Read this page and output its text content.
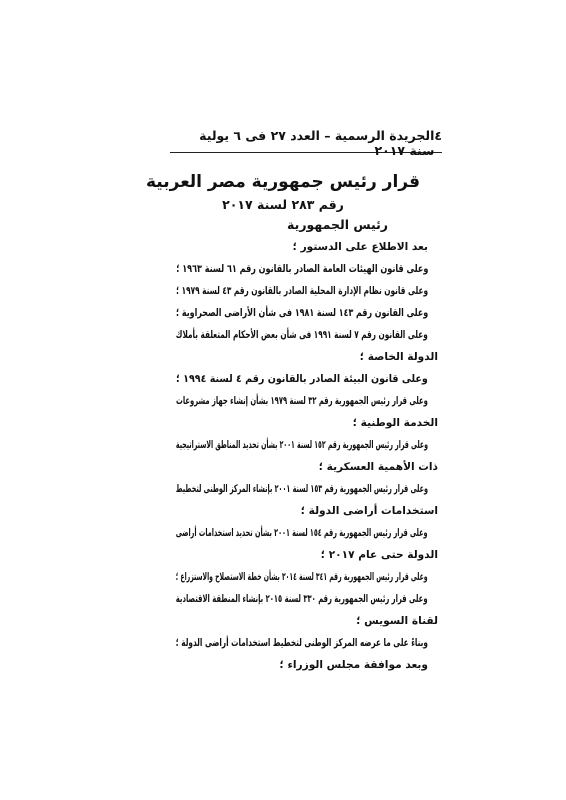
٤
الجريدة الرسمية – العدد ٢٧ فى ٦ يولية سنة ٢٠١٧
قرار رئيس جمهورية مصر العربية
رقم ٢٨٣ لسنة ٢٠١٧
رئيس الجمهورية
بعد الاطلاع على الدستور ؛
وعلى قانون الهيئات العامة الصادر بالقانون رقم ٦١ لسنة ١٩٦٣ ؛
وعلى قانون نظام الإدارة المحلية الصادر بالقانون رقم ٤٣ لسنة ١٩٧٩ ؛
وعلى القانون رقم ١٤٣ لسنة ١٩٨١ فى شأن الأراضى الصحراوية ؛
وعلى القانون رقم ٧ لسنة ١٩٩١ فى شأن بعض الأحكام المتعلقة بأملاك
الدولة الخاصة ؛
وعلى قانون البيئة الصادر بالقانون رقم ٤ لسنة ١٩٩٤ ؛
وعلى قرار رئيس الجمهورية رقم ٣٢ لسنة ١٩٧٩ بشأن إنشاء جهاز مشروعات
الخدمة الوطنية ؛
وعلى قرار رئيس الجمهورية رقم ١٥٢ لسنة ٢٠٠١ بشأن تحديد المناطق الاستراتيجية
ذات الأهمية العسكرية ؛
وعلى قرار رئيس الجمهورية رقم ١٥٣ لسنة ٢٠٠١ بإنشاء المركز الوطنى لتخطيط
استخدامات أراضى الدولة ؛
وعلى قرار رئيس الجمهورية رقم ١٥٤ لسنة ٢٠٠١ بشأن تحديد استخدامات أراضى
الدولة حتى عام ٢٠١٧ ؛
وعلى قرار رئيس الجمهورية رقم ٣٤١ لسنة ٢٠١٤ بشأن خطة الاستصلاح والاستزراع ؛
وعلى قرار رئيس الجمهورية رقم ٣٣٠ لسنة ٢٠١٥ بإنشاء المنطقة الاقتصادية
لقناة السويس ؛
وبناءً على ما عرضه المركز الوطنى لتخطيط استخدامات أراضى الدولة ؛
وبعد موافقة مجلس الوزراء ؛
